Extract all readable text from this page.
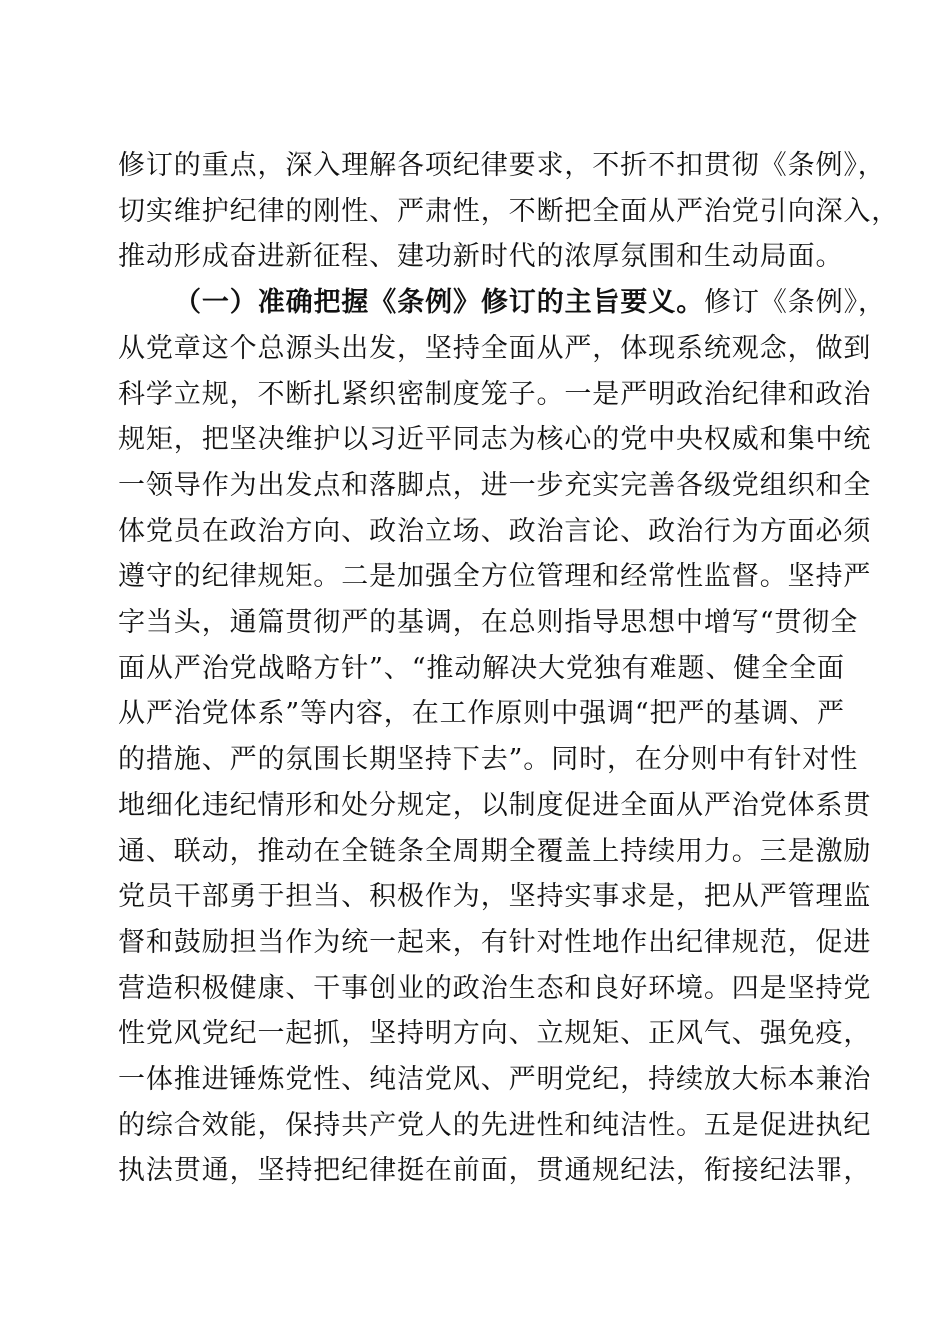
修订的重点，深入理解各项纪律要求，不折不扣贯彻《条例》，
切实维护纪律的刚性、严肃性，不断把全面从严治党引向深入，
推动形成奋进新征程、建功新时代的浓厚氛围和生动局面。
（一）准确把握《条例》修订的主旨要义。修订《条例》，
从党章这个总源头出发，坚持全面从严，体现系统观念，做到
科学立规，不断扎紧织密制度笼子。一是严明政治纪律和政治
规矩，把坚决维护以习近平同志为核心的党中央权威和集中统
一领导作为出发点和落脚点，进一步充实完善各级党组织和全
体党员在政治方向、政治立场、政治言论、政治行为方面必须
遵守的纪律规矩。二是加强全方位管理和经常性监督。坚持严
字当头，通篇贯彻严的基调，在总则指导思想中增写“贯彻全
面从严治党战略方针”、“推动解决大党独有难题、健全全面
从严治党体系”等内容，在工作原则中强调“把严的基调、严
的措施、严的氛围长期坚持下去”。同时，在分则中有针对性
地细化违纪情形和处分规定，以制度促进全面从严治党体系贯
通、联动，推动在全链条全周期全覆盖上持续用力。三是激励
党员干部勇于担当、积极作为，坚持实事求是，把从严管理监
督和鼓励担当作为统一起来，有针对性地作出纪律规范，促进
营造积极健康、干事创业的政治生态和良好环境。四是坚持党
性党风党纪一起抓，坚持明方向、立规矩、正风气、强免疫，
一体推进锤炼党性、纯洁党风、严明党纪，持续放大标本兼治
的综合效能，保持共产党人的先进性和纯洁性。五是促进执纪
执法贯通，坚持把纪律挺在前面，贯通规纪法，衔接纪法罪，
